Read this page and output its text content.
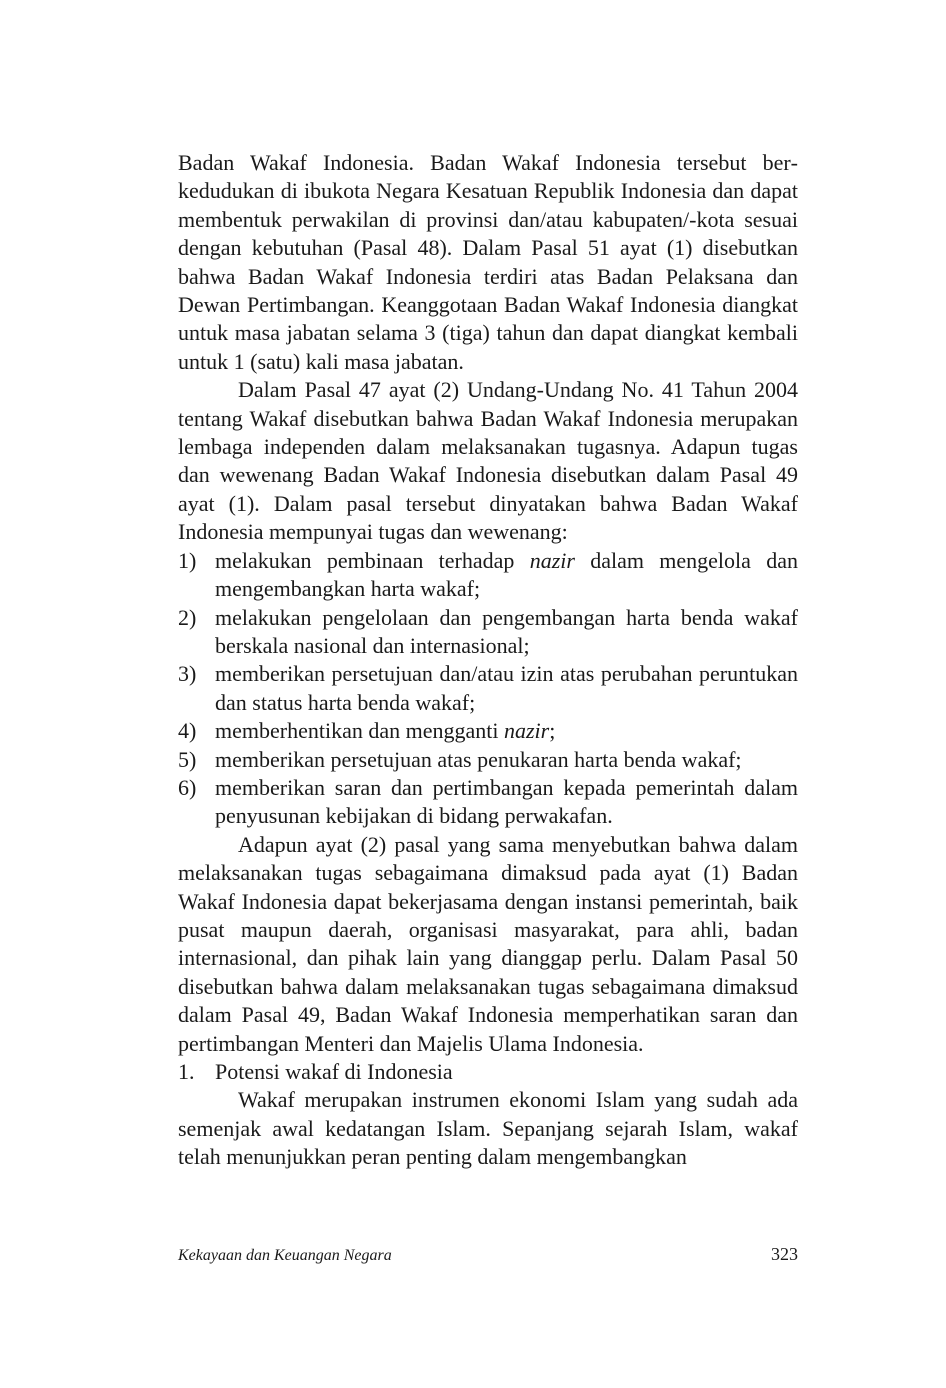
Badan Wakaf Indonesia. Badan Wakaf Indonesia tersebut berkedudukan di ibukota Negara Kesatuan Republik Indonesia dan dapat membentuk perwakilan di provinsi dan/atau kabupaten/-kota sesuai dengan kebutuhan (Pasal 48). Dalam Pasal 51 ayat (1) disebutkan bahwa Badan Wakaf Indonesia terdiri atas Badan Pelaksana dan Dewan Pertimbangan. Keanggotaan Badan Wakaf Indonesia diangkat untuk masa jabatan selama 3 (tiga) tahun dan dapat diangkat kembali untuk 1 (satu) kali masa jabatan.

Dalam Pasal 47 ayat (2) Undang-Undang No. 41 Tahun 2004 tentang Wakaf disebutkan bahwa Badan Wakaf Indonesia merupakan lembaga independen dalam melaksanakan tugasnya. Adapun tugas dan wewenang Badan Wakaf Indonesia disebutkan dalam Pasal 49 ayat (1). Dalam pasal tersebut dinyatakan bahwa Badan Wakaf Indonesia mempunyai tugas dan wewenang:

1) melakukan pembinaan terhadap nazir dalam mengelola dan mengembangkan harta wakaf;
2) melakukan pengelolaan dan pengembangan harta benda wakaf berskala nasional dan internasional;
3) memberikan persetujuan dan/atau izin atas perubahan peruntukan dan status harta benda wakaf;
4) memberhentikan dan mengganti nazir;
5) memberikan persetujuan atas penukaran harta benda wakaf;
6) memberikan saran dan pertimbangan kepada pemerintah dalam penyusunan kebijakan di bidang perwakafan.

Adapun ayat (2) pasal yang sama menyebutkan bahwa dalam melaksanakan tugas sebagaimana dimaksud pada ayat (1) Badan Wakaf Indonesia dapat bekerjasama dengan instansi pemerintah, baik pusat maupun daerah, organisasi masyarakat, para ahli, badan internasional, dan pihak lain yang dianggap perlu. Dalam Pasal 50 disebutkan bahwa dalam melaksanakan tugas sebagaimana dimaksud dalam Pasal 49, Badan Wakaf Indonesia memperhatikan saran dan pertimbangan Menteri dan Majelis Ulama Indonesia.

1. Potensi wakaf di Indonesia

Wakaf merupakan instrumen ekonomi Islam yang sudah ada semenjak awal kedatangan Islam. Sepanjang sejarah Islam, wakaf telah menunjukkan peran penting dalam mengembangkan

Kekayaan dan Keuangan Negara	323
